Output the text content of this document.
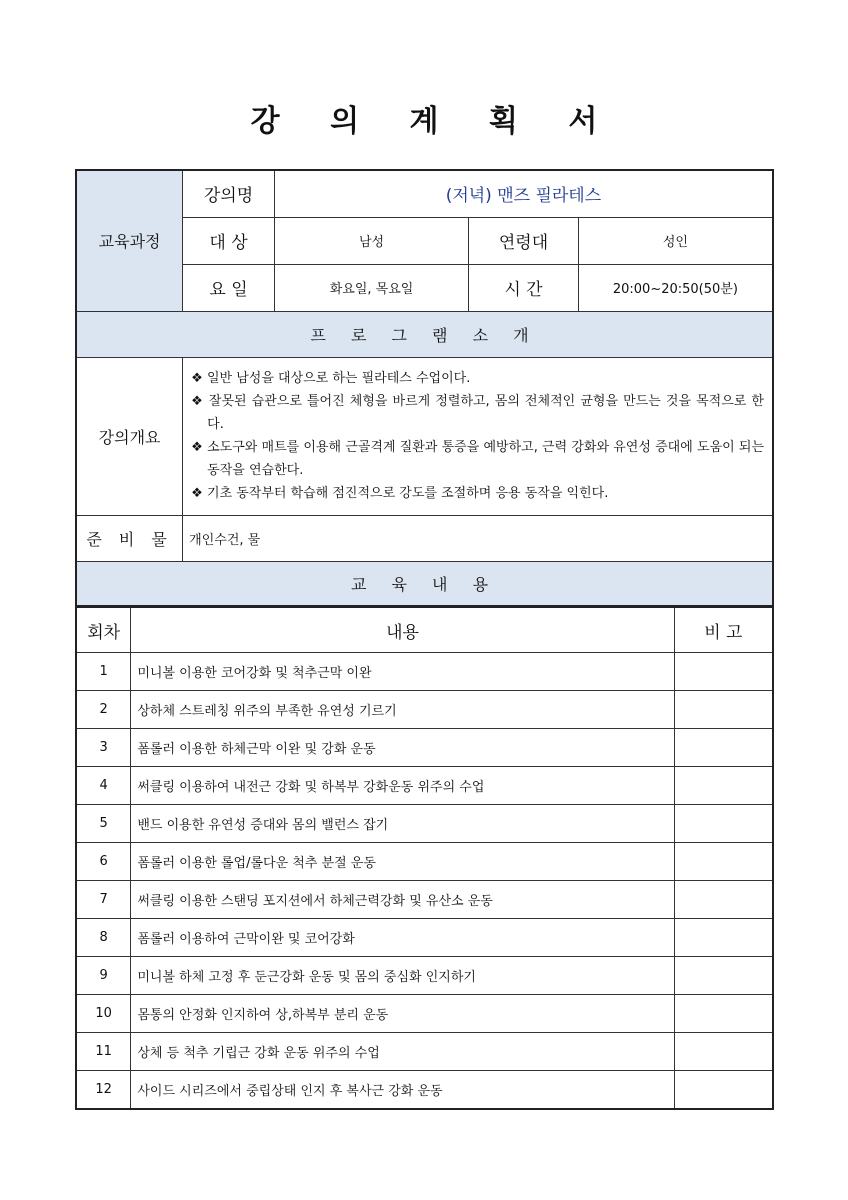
강 의 계 획 서
교육과정	강의명	(저녁) 맨즈 필라테스		
	대 상	남성	연령대	성인
	요 일	화요일, 목요일	시 간	20:00~20:50(50분)
프 로 그 램 소 개				
강의개요	❖ 일반 남성을 대상으로 하는 필라테스 수업이다.
❖ 잘못된 습관으로 틀어진 체형을 바르게 정렬하고, 몸의 전체적인 균형을 만드는 것을 목적으로 한다.
❖ 소도구와 매트를 이용해 근골격계 질환과 통증을 예방하고, 근력 강화와 유연성 증대에 도움이 되는 동작을 연습한다.
❖ 기초 동작부터 학습해 점진적으로 강도를 조절하며 응용 동작을 익힌다.			

준 비 물	개인수건, 물			
교 육 내 용				
회차	내용	비 고
1	미니볼 이용한 코어강화 및 척추근막 이완	
2	상하체 스트레칭 위주의 부족한 유연성 기르기	
3	폼롤러 이용한 하체근막 이완 및 강화 운동	
4	써클링 이용하여 내전근 강화 및 하복부 강화운동 위주의 수업	
5	밴드 이용한 유연성 증대와 몸의 밸런스 잡기	
6	폼롤러 이용한 롤업/롤다운 척추 분절 운동	
7	써클링 이용한 스탠딩 포지션에서 하체근력강화 및 유산소 운동	
8	폼롤러 이용하여 근막이완 및 코어강화	
9	미니볼 하체 고정 후 둔근강화 운동 및 몸의 중심화 인지하기	
10	몸통의 안정화 인지하여 상,하복부 분리 운동	
11	상체 등 척추 기립근 강화 운동 위주의 수업	
12	사이드 시리즈에서 중립상태 인지 후 복사근 강화 운동	
